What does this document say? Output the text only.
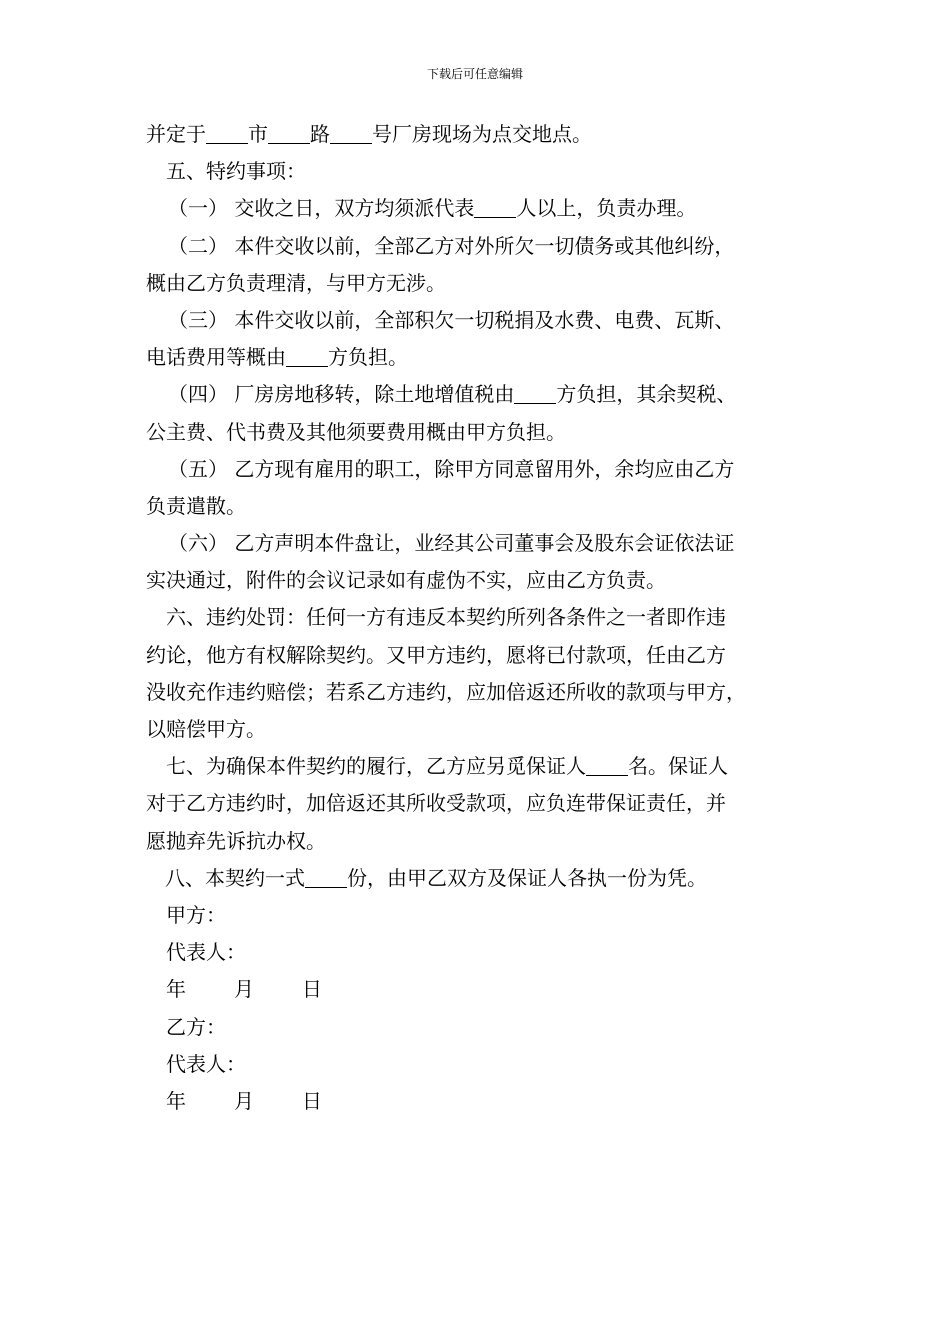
下载后可任意编辑
并定于 市 路 号厂房现场为点交地点。
五、特约事项：
（一） 交收之日，双方均须派代表 人以上，负责办理。
（二） 本件交收以前，全部乙方对外所欠一切债务或其他纠纷，
概由乙方负责理清，与甲方无涉。
（三） 本件交收以前，全部积欠一切税捐及水费、电费、瓦斯、
电话费用等概由 方负担。
（四） 厂房房地移转，除土地增值税由 方负担，其余契税、
公主费、代书费及其他须要费用概由甲方负担。
（五） 乙方现有雇用的职工，除甲方同意留用外，余均应由乙方
负责遣散。
（六） 乙方声明本件盘让，业经其公司董事会及股东会证依法证
实决通过，附件的会议记录如有虚伪不实，应由乙方负责。
六、违约处罚：任何一方有违反本契约所列各条件之一者即作违
约论，他方有权解除契约。又甲方违约，愿将已付款项，任由乙方
没收充作违约赔偿；若系乙方违约，应加倍返还所收的款项与甲方，
以赔偿甲方。
七、为确保本件契约的履行，乙方应另觅保证人 名。保证人
对于乙方违约时，加倍返还其所收受款项，应负连带保证责任，并
愿抛弃先诉抗办权。
八、本契约一式 份，由甲乙双方及保证人各执一份为凭。
甲方：
代表人：
年 月 日
乙方：
代表人：
年 月 日
